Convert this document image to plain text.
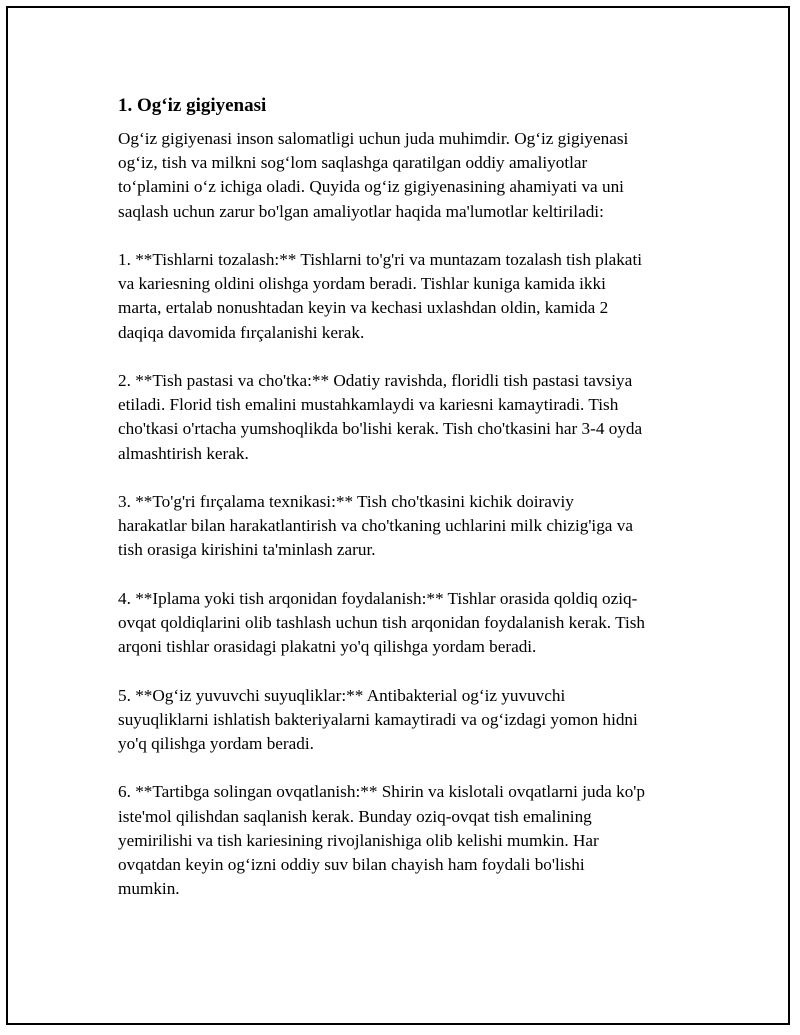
1. Og‘iz gigiyenasi
Og‘iz gigiyenasi inson salomatligi uchun juda muhimdir. Og‘iz gigiyenasi
og‘iz, tish va milkni sog‘lom saqlashga qaratilgan oddiy amaliyotlar
to‘plamini o‘z ichiga oladi. Quyida og‘iz gigiyenasining ahamiyati va uni
saqlash uchun zarur bo'lgan amaliyotlar haqida ma'lumotlar keltiriladi:
1. **Tishlarni tozalash:** Tishlarni to'g'ri va muntazam tozalash tish plakati
va kariesning oldini olishga yordam beradi. Tishlar kuniga kamida ikki
marta, ertalab nonushtadan keyin va kechasi uxlashdan oldin, kamida 2
daqiqa davomida fırçalanishi kerak.
2. **Tish pastasi va cho'tka:** Odatiy ravishda, floridli tish pastasi tavsiya
etiladi. Florid tish emalini mustahkamlaydi va kariesni kamaytiradi. Tish
cho'tkasi o'rtacha yumshoqlikda bo'lishi kerak. Tish cho'tkasini har 3-4 oyda
almashtirish kerak.
3. **To'g'ri fırçalama texnikasi:** Tish cho'tkasini kichik doiraviy
harakatlar bilan harakatlantirish va cho'tkaning uchlarini milk chizig'iga va
tish orasiga kirishini ta'minlash zarur.
4. **Iplama yoki tish arqonidan foydalanish:** Tishlar orasida qoldiq oziq-
ovqat qoldiqlarini olib tashlash uchun tish arqonidan foydalanish kerak. Tish
arqoni tishlar orasidagi plakatni yo'q qilishga yordam beradi.
5. **Og‘iz yuvuvchi suyuqliklar:** Antibakterial og‘iz yuvuvchi
suyuqliklarni ishlatish bakteriyalarni kamaytiradi va og‘izdagi yomon hidni
yo'q qilishga yordam beradi.
6. **Tartibga solingan ovqatlanish:** Shirin va kislotali ovqatlarni juda ko'p
iste'mol qilishdan saqlanish kerak. Bunday oziq-ovqat tish emalining
yemirilishi va tish kariesining rivojlanishiga olib kelishi mumkin. Har
ovqatdan keyin og‘izni oddiy suv bilan chayish ham foydali bo'lishi
mumkin.
